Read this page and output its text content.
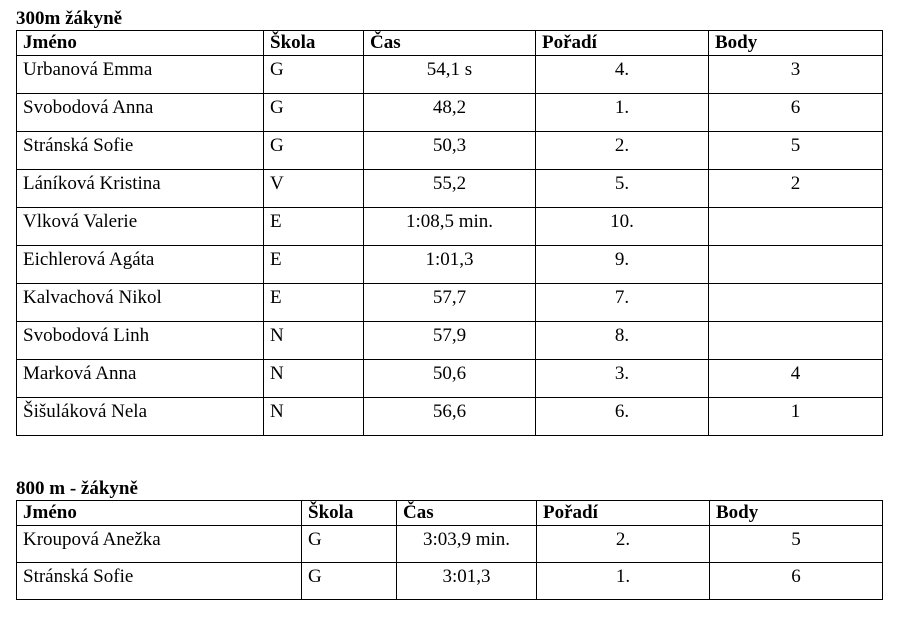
300m žákyně
Jméno	Škola	Čas	Pořadí	Body
Urbanová Emma	G	54,1 s	4.	3
Svobodová Anna	G	48,2	1.	6
Stránská Sofie	G	50,3	2.	5
Láníková Kristina	V	55,2	5.	2
Vlková Valerie	E	1:08,5 min.	10.	
Eichlerová Agáta	E	1:01,3	9.	
Kalvachová Nikol	E	57,7	7.	
Svobodová Linh	N	57,9	8.	
Marková Anna	N	50,6	3.	4
Šišuláková Nela	N	56,6	6.	1
800 m - žákyně
Jméno	Škola	Čas	Pořadí	Body
Kroupová Anežka	G	3:03,9 min.	2.	5
Stránská Sofie	G	3:01,3	1.	6
